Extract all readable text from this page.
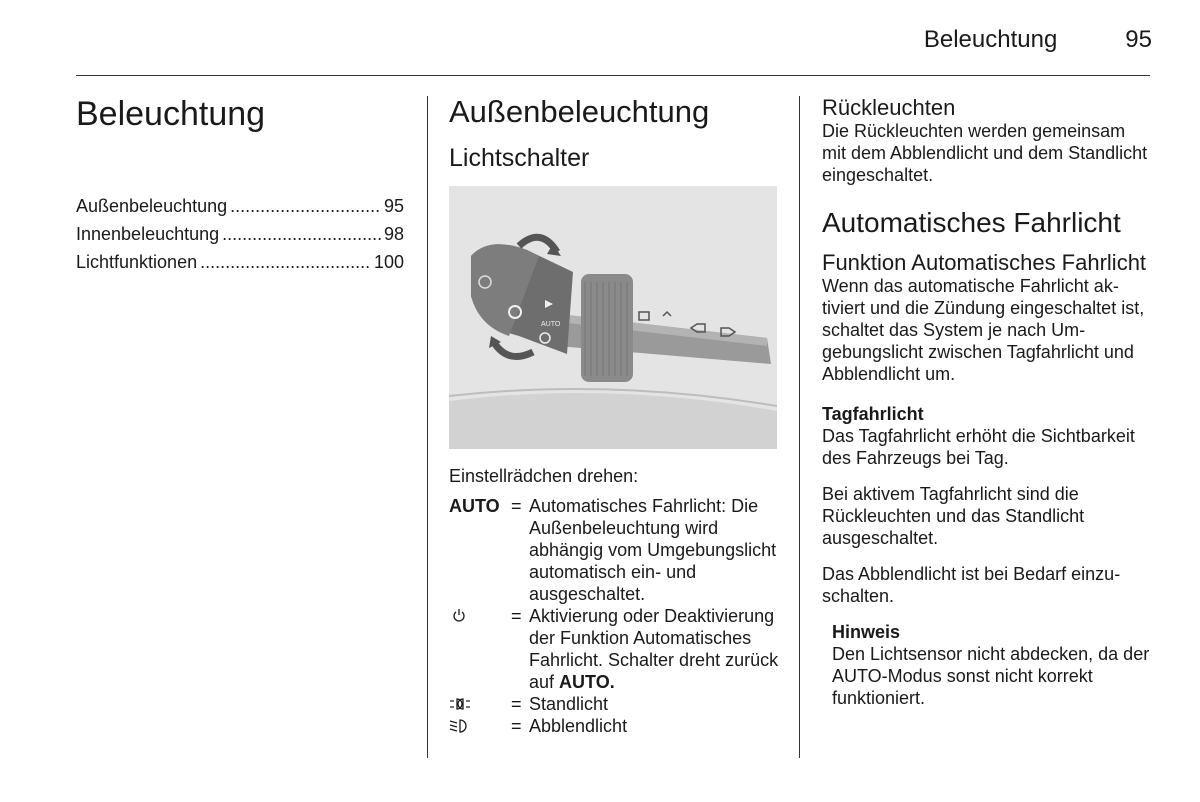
Beleuchtung	95
Beleuchtung
Außenbeleuchtung .....	95
Innenbeleuchtung .....	98
Lichtfunktionen .....	100
Außenbeleuchtung
Lichtschalter
AUTO

Einstellrädchen drehen:

AUTO = Automatisches Fahrlicht: Die Außenbeleuchtung wird abhängig vom Umgebungslicht automatisch ein- und ausgeschaltet.
= Aktivierung oder Deaktivierung der Funktion Automatisches Fahrlicht. Schalter dreht zurück auf AUTO.
= Standlicht
= Abblendlicht
Rückleuchten

Die Rückleuchten werden gemeinsam mit dem Abblendlicht und dem Standlicht eingeschaltet.

Automatisches Fahrlicht
Funktion Automatisches Fahrlicht

Wenn das automatische Fahrlicht aktiviert und die Zündung eingeschaltet ist, schaltet das System je nach Umgebungslicht zwischen Tagfahrlicht und Abblendlicht um.

Tagfahrlicht

Das Tagfahrlicht erhöht die Sichtbarkeit des Fahrzeugs bei Tag.

Bei aktivem Tagfahrlicht sind die Rückleuchten und das Standlicht ausgeschaltet.

Das Abblendlicht ist bei Bedarf einzuschalten.

Hinweis

Den Lichtsensor nicht abdecken, da der AUTO-Modus sonst nicht korrekt funktioniert.
